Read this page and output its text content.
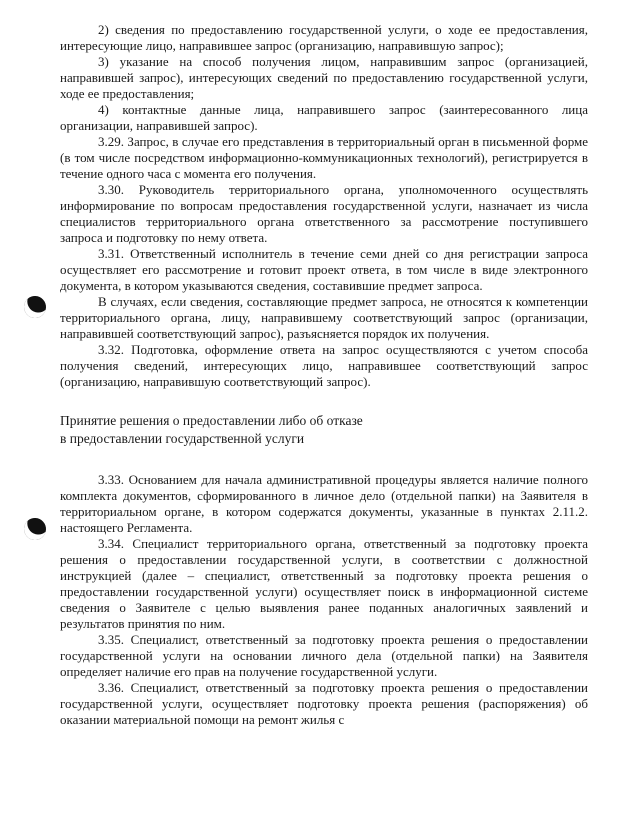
2) сведения по предоставлению государственной услуги, о ходе ее предоставления, интересующие лицо, направившее запрос (организацию, направившую запрос);

3) указание на способ получения лицом, направившим запрос (организацией, направившей запрос), интересующих сведений по предоставлению государственной услуги, ходе ее предоставления;

4) контактные данные лица, направившего запрос (заинтересованного лица организации, направившей запрос).

3.29. Запрос, в случае его представления в территориальный орган в письменной форме (в том числе посредством информационно-коммуникационных технологий), регистрируется в течение одного часа с момента его получения.

3.30. Руководитель территориального органа, уполномоченного осуществлять информирование по вопросам предоставления государственной услуги, назначает из числа специалистов территориального органа ответственного за рассмотрение поступившего запроса и подготовку по нему ответа.

3.31. Ответственный исполнитель в течение семи дней со дня регистрации запроса осуществляет его рассмотрение и готовит проект ответа, в том числе в виде электронного документа, в котором указываются сведения, составившие предмет запроса.

В случаях, если сведения, составляющие предмет запроса, не относятся к компетенции территориального органа, лицу, направившему соответствующий запрос (организации, направившей соответствующий запрос), разъясняется порядок их получения.

3.32. Подготовка, оформление ответа на запрос осуществляются с учетом способа получения сведений, интересующих лицо, направившее соответствующий запрос (организацию, направившую соответствующий запрос).

Принятие решения о предоставлении либо об отказе
в предоставлении государственной услуги

3.33. Основанием для начала административной процедуры является наличие полного комплекта документов, сформированного в личное дело (отдельной папки) на Заявителя в территориальном органе, в котором содержатся документы, указанные в пунктах 2.11.2. настоящего Регламента.

3.34. Специалист территориального органа, ответственный за подготовку проекта решения о предоставлении государственной услуги, в соответствии с должностной инструкцией (далее – специалист, ответственный за подготовку проекта решения о предоставлении государственной услуги) осуществляет поиск в информационной системе сведения о Заявителе с целью выявления ранее поданных аналогичных заявлений и результатов принятия по ним.

3.35. Специалист, ответственный за подготовку проекта решения о предоставлении государственной услуги на основании личного дела (отдельной папки) на Заявителя определяет наличие его прав на получение государственной услуги.

3.36. Специалист, ответственный за подготовку проекта решения о предоставлении государственной услуги, осуществляет подготовку проекта решения (распоряжения) об оказании материальной помощи на ремонт жилья с
